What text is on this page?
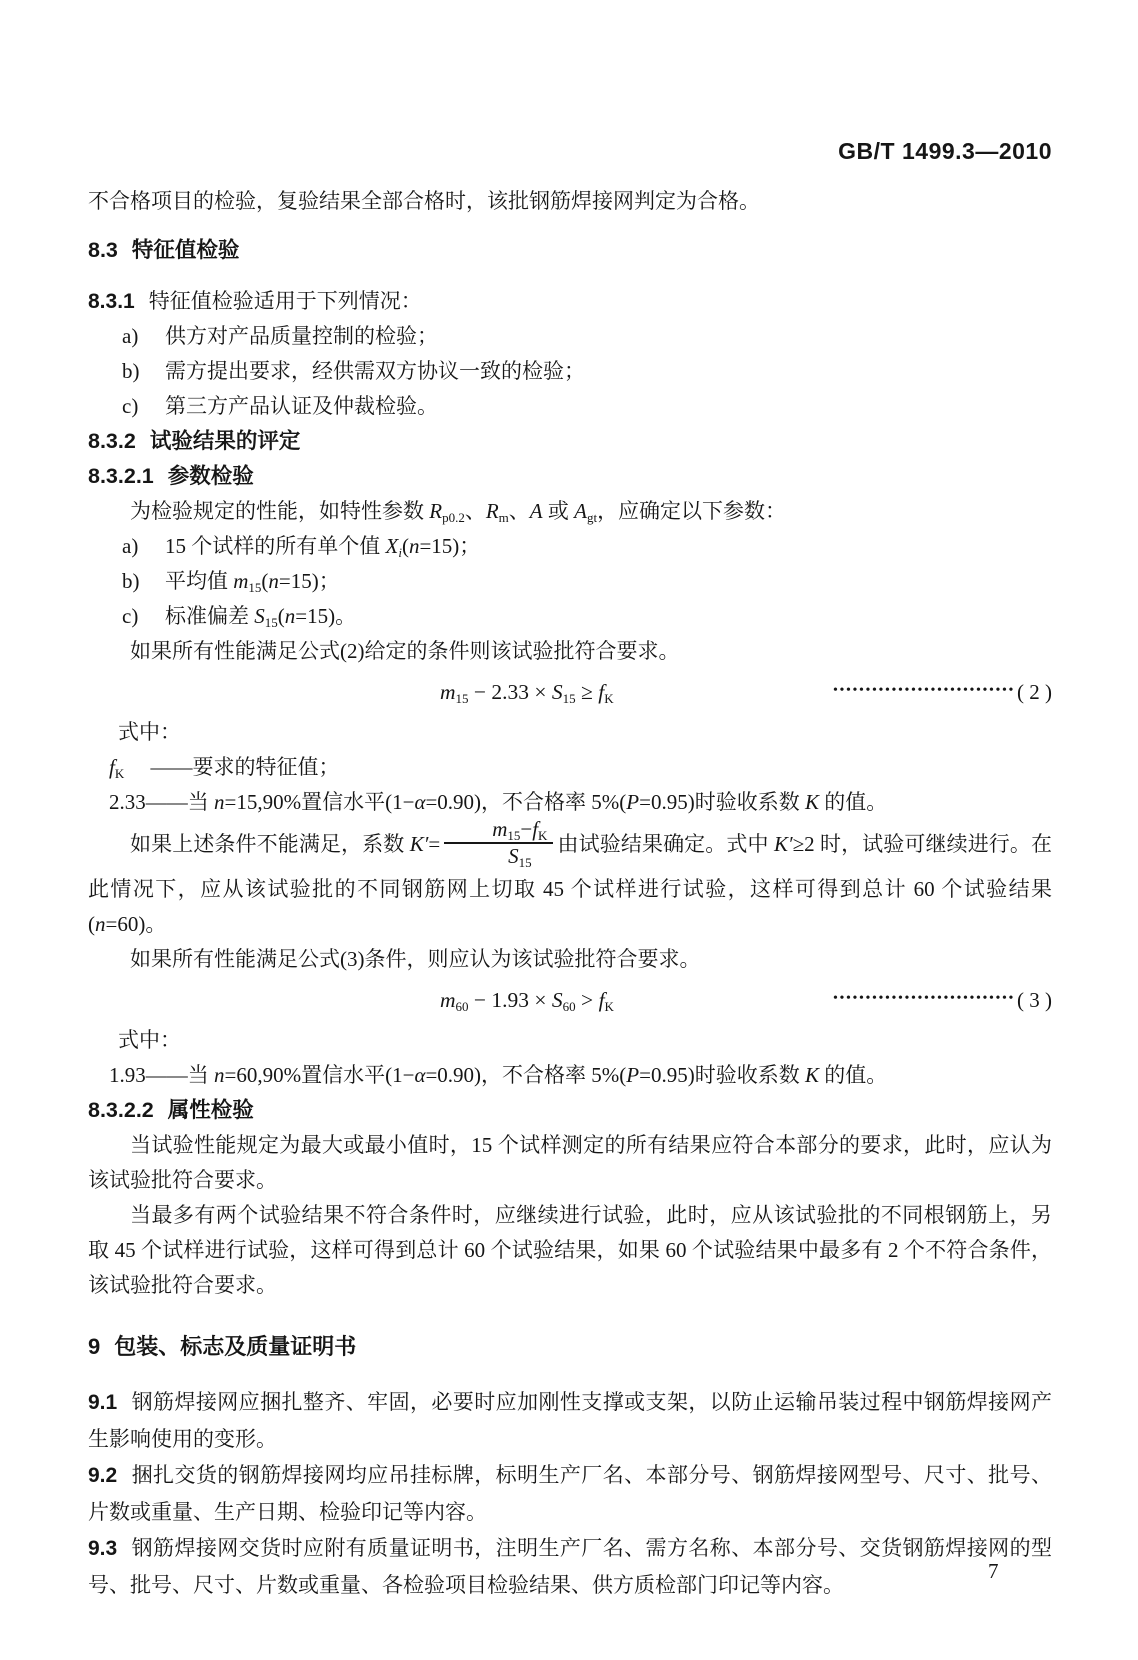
GB/T 1499.3—2010

不合格项目的检验，复验结果全部合格时，该批钢筋焊接网判定为合格。

8.3 特征值检验

8.3.1 特征值检验适用于下列情况：

a)	供方对产品质量控制的检验；
b)	需方提出要求，经供需双方协议一致的检验；
c)	第三方产品认证及仲裁检验。

8.3.2 试验结果的评定

8.3.2.1 参数检验

为检验规定的性能，如特性参数 Rp0.2、Rm、A 或 Agt，应确定以下参数：

a)	15 个试样的所有单个值 Xi(n=15)；
b)	平均值 m15(n=15)；
c)	标准偏差 S15(n=15)。

如果所有性能满足公式(2)给定的条件则该试验批符合要求。

m15 − 2.33 × S15 ≥ fK
•••••••••••••••••••••••••••• ( 2 )

式中：

fK　 ——要求的特征值；

2.33——当 n=15,90%置信水平(1−α=0.90)，不合格率 5%(P=0.95)时验收系数 K 的值。

如果上述条件不能满足，系数 $K'= \frac{m15-fK}{S15}$ 由试验结果确定。式中 K′≥2 时，试验可继续进行。在此情况下，应从该试验批的不同钢筋网上切取 45 个试样进行试验，这样可得到总计 60 个试验结果(n=60)。

如果所有性能满足公式(3)条件，则应认为该试验批符合要求。

m60 − 1.93 × S60 > fK
•••••••••••••••••••••••••••• ( 3 )

式中：

1.93——当 n=60,90%置信水平(1−α=0.90)，不合格率 5%(P=0.95)时验收系数 K 的值。

8.3.2.2 属性检验

当试验性能规定为最大或最小值时，15 个试样测定的所有结果应符合本部分的要求，此时，应认为该试验批符合要求。

当最多有两个试验结果不符合条件时，应继续进行试验，此时，应从该试验批的不同根钢筋上，另取 45 个试样进行试验，这样可得到总计 60 个试验结果，如果 60 个试验结果中最多有 2 个不符合条件，该试验批符合要求。

9 包装、标志及质量证明书

9.1 钢筋焊接网应捆扎整齐、牢固，必要时应加刚性支撑或支架，以防止运输吊装过程中钢筋焊接网产生影响使用的变形。

9.2 捆扎交货的钢筋焊接网均应吊挂标牌，标明生产厂名、本部分号、钢筋焊接网型号、尺寸、批号、片数或重量、生产日期、检验印记等内容。

9.3 钢筋焊接网交货时应附有质量证明书，注明生产厂名、需方名称、本部分号、交货钢筋焊接网的型号、批号、尺寸、片数或重量、各检验项目检验结果、供方质检部门印记等内容。

7
